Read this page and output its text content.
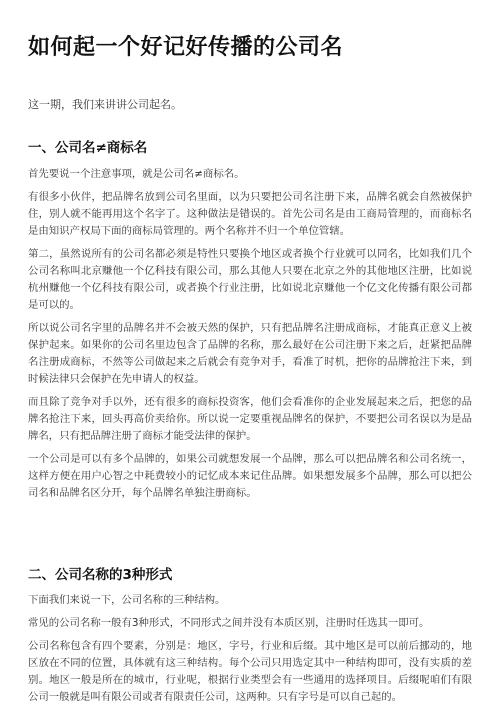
如何起一个好记好传播的公司名
这一期，我们来讲讲公司起名。
一、公司名≠商标名

首先要说一个注意事项，就是公司名≠商标名。

有很多小伙伴，把品牌名放到公司名里面，以为只要把公司名注册下来，品牌名就会自然被保护住，别人就不能再用这个名字了。这种做法是错误的。首先公司名是由工商局管理的，而商标名是由知识产权局下面的商标局管理的。两个名称并不归一个单位管辖。

第二，虽然说所有的公司名都必须是特性只要换个地区或者换个行业就可以同名，比如我们几个公司名称叫北京赚他一个亿科技有限公司，那么其他人只要在北京之外的其他地区注册，比如说杭州赚他一个亿科技有限公司，或者换个行业注册，比如说北京赚他一个亿文化传播有限公司都是可以的。

所以说公司名字里的品牌名并不会被天然的保护，只有把品牌名注册成商标，才能真正意义上被保护起来。如果你的公司名里边包含了品牌的名称，那么最好在公司注册下来之后，赶紧把品牌名注册成商标，不然等公司做起来之后就会有竞争对手，看准了时机，把你的品牌抢注下来，到时候法律只会保护在先申请人的权益。

而且除了竞争对手以外，还有很多的商标投资客，他们会看准你的企业发展起来之后，把您的品牌名抢注下来，回头再高价卖给你。所以说一定要重视品牌名的保护，不要把公司名误以为是品牌名，只有把品牌注册了商标才能受法律的保护。

一个公司是可以有多个品牌的，如果公司就想发展一个品牌，那么可以把品牌名和公司名统一，这样方便在用户心智之中耗费较小的记忆成本来记住品牌。如果想发展多个品牌，那么可以把公司名和品牌名区分开，每个品牌名单独注册商标。

二、公司名称的3种形式

下面我们来说一下，公司名称的三种结构。

常见的公司名称一般有3种形式，不同形式之间并没有本质区别，注册时任选其一即可。

公司名称包含有四个要素，分别是：地区，字号，行业和后缀。其中地区是可以前后挪动的，地区放在不同的位置，具体就有这三种结构。每个公司只用选定其中一种结构即可，没有实质的差别。地区一般是所在的城市，行业呢，根据行业类型会有一些通用的选择项目。后缀呢咱们有限公司一般就是叫有限公司或者有限责任公司，这两种。只有字号是可以自己起的。
